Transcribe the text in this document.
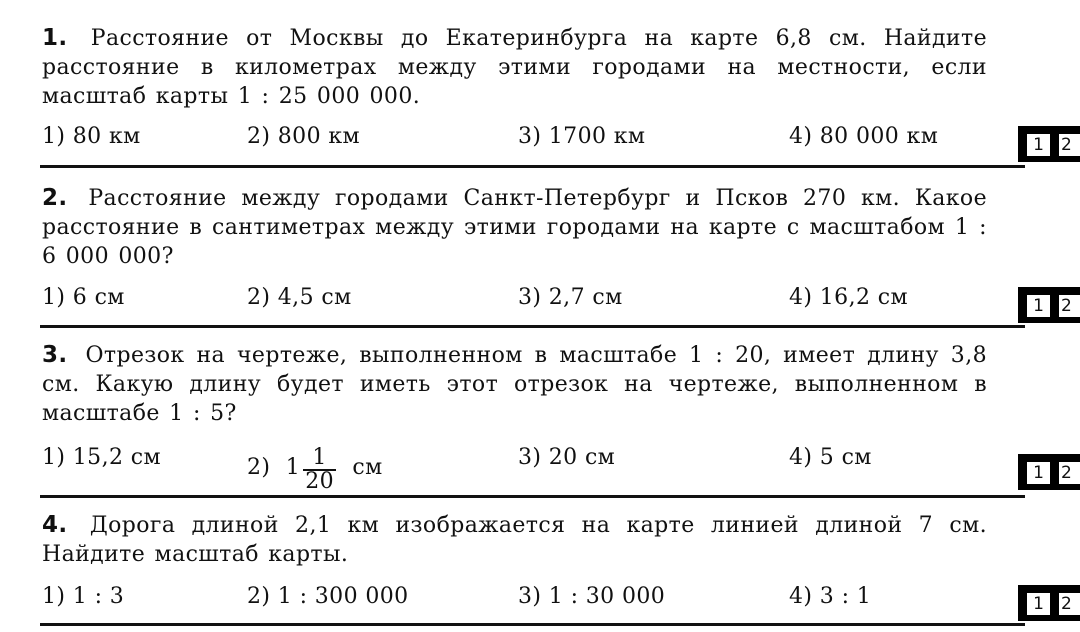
1. Расстояние от Москвы до Екатеринбурга на карте 6,8 см. Найдите расстояние в километрах между этими городами на местности, если масштаб карты 1 : 25 000 000.
1) 80 км	2) 800 км	3) 1700 км	4) 80 000 км	1	2
2. Расстояние между городами Санкт-Петербург и Псков 270 км. Какое расстояние в сантиметрах между этими городами на карте с масштабом 1 : 6 000 000?
1) 6 см	2) 4,5 см	3) 2,7 см	4) 16,2 см	1	2
3. Отрезок на чертеже, выполненном в масштабе 1 : 20, имеет длину 3,8 см. Какую длину будет иметь этот отрезок на чертеже, выполненном в масштабе 1 : 5?
1) 15,2 см	2) $1 \frac{1}{20}$ см	3) 20 см	4) 5 см
1	2
4. Дорога длиной 2,1 км изображается на карте линией длиной 7 см. Найдите масштаб карты.
1) 1 : 3	2) 1 : 300 000	3) 1 : 30 000	4) 3 : 1	1	2
